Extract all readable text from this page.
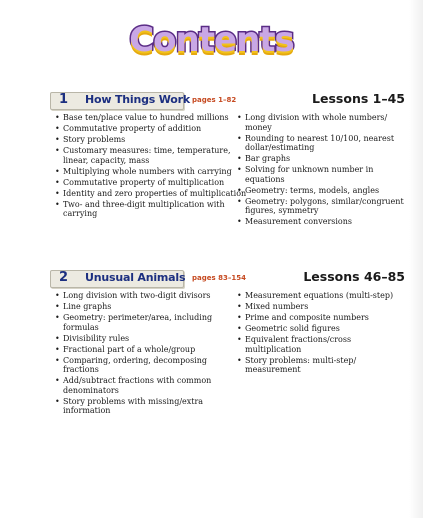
Contents
1 How Things Work pages 1–82	Lessons 1–45
• Base ten/place value to hundred millions
• Commutative property of addition
• Story problems
• Customary measures: time, temperature, linear, capacity, mass
• Multiplying whole numbers with carrying
• Commutative property of multiplication
• Identity and zero properties of multiplication
• Two- and three-digit multiplication with carrying
• Long division with whole numbers/ money
• Rounding to nearest 10/100, nearest dollar/estimating
• Bar graphs
• Solving for unknown number in equations
• Geometry: terms, models, angles
• Geometry: polygons, similar/congruent figures, symmetry
• Measurement conversions
2 Unusual Animals pages 83–154	Lessons 46–85
• Long division with two-digit divisors
• Line graphs
• Geometry: perimeter/area, including formulas
• Divisibility rules
• Fractional part of a whole/group
• Comparing, ordering, decomposing fractions
• Add/subtract fractions with common denominators
• Story problems with missing/extra information
• Measurement equations (multi-step)
• Mixed numbers
• Prime and composite numbers
• Geometric solid figures
• Equivalent fractions/cross multiplication
• Story problems: multi-step/ measurement
